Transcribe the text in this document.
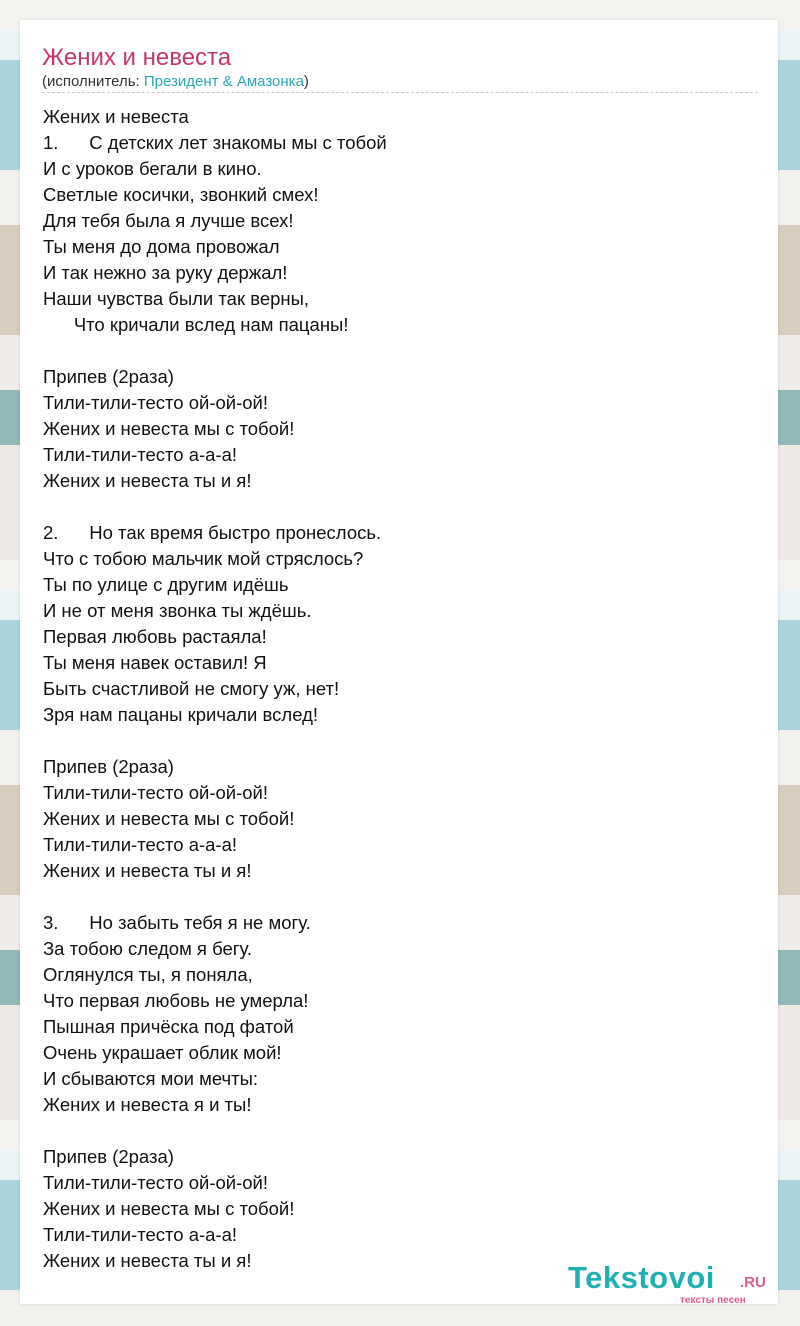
Жених и невеста
(исполнитель: Президент & Амазонка)
Жених и невеста
1.      С детских лет знакомы мы с тобой
И с уроков бегали в кино.
Светлые косички, звонкий смех!
Для тебя была я лучше всех!
Ты меня до дома провожал
И так нежно за руку держал!
Наши чувства были так верны,
Что кричали вслед нам пацаны!
Припев (2раза)
Тили-тили-тесто ой-ой-ой!
Жених и невеста мы с тобой!
Тили-тили-тесто а-а-а!
Жених и невеста ты и я!
2.      Но так время быстро пронеслось.
Что с тобою мальчик мой стряслось?
Ты по улице с другим идёшь
И не от меня звонка ты ждёшь.
Первая любовь растаяла!
Ты меня навек оставил! Я
Быть счастливой не смогу уж, нет!
Зря нам пацаны кричали вслед!
Припев (2раза)
Тили-тили-тесто ой-ой-ой!
Жених и невеста мы с тобой!
Тили-тили-тесто а-а-а!
Жених и невеста ты и я!
3.      Но забыть тебя я не могу.
За тобою следом я бегу.
Оглянулся ты, я поняла,
Что первая любовь не умерла!
Пышная причёска под фатой
Очень украшает облик мой!
И сбываются мои мечты:
Жених и невеста я и ты!
Припев (2раза)
Тили-тили-тесто ой-ой-ой!
Жених и невеста мы с тобой!
Тили-тили-тесто а-а-а!
Жених и невеста ты и я!	Tekstovoi .RU
тексты песен
